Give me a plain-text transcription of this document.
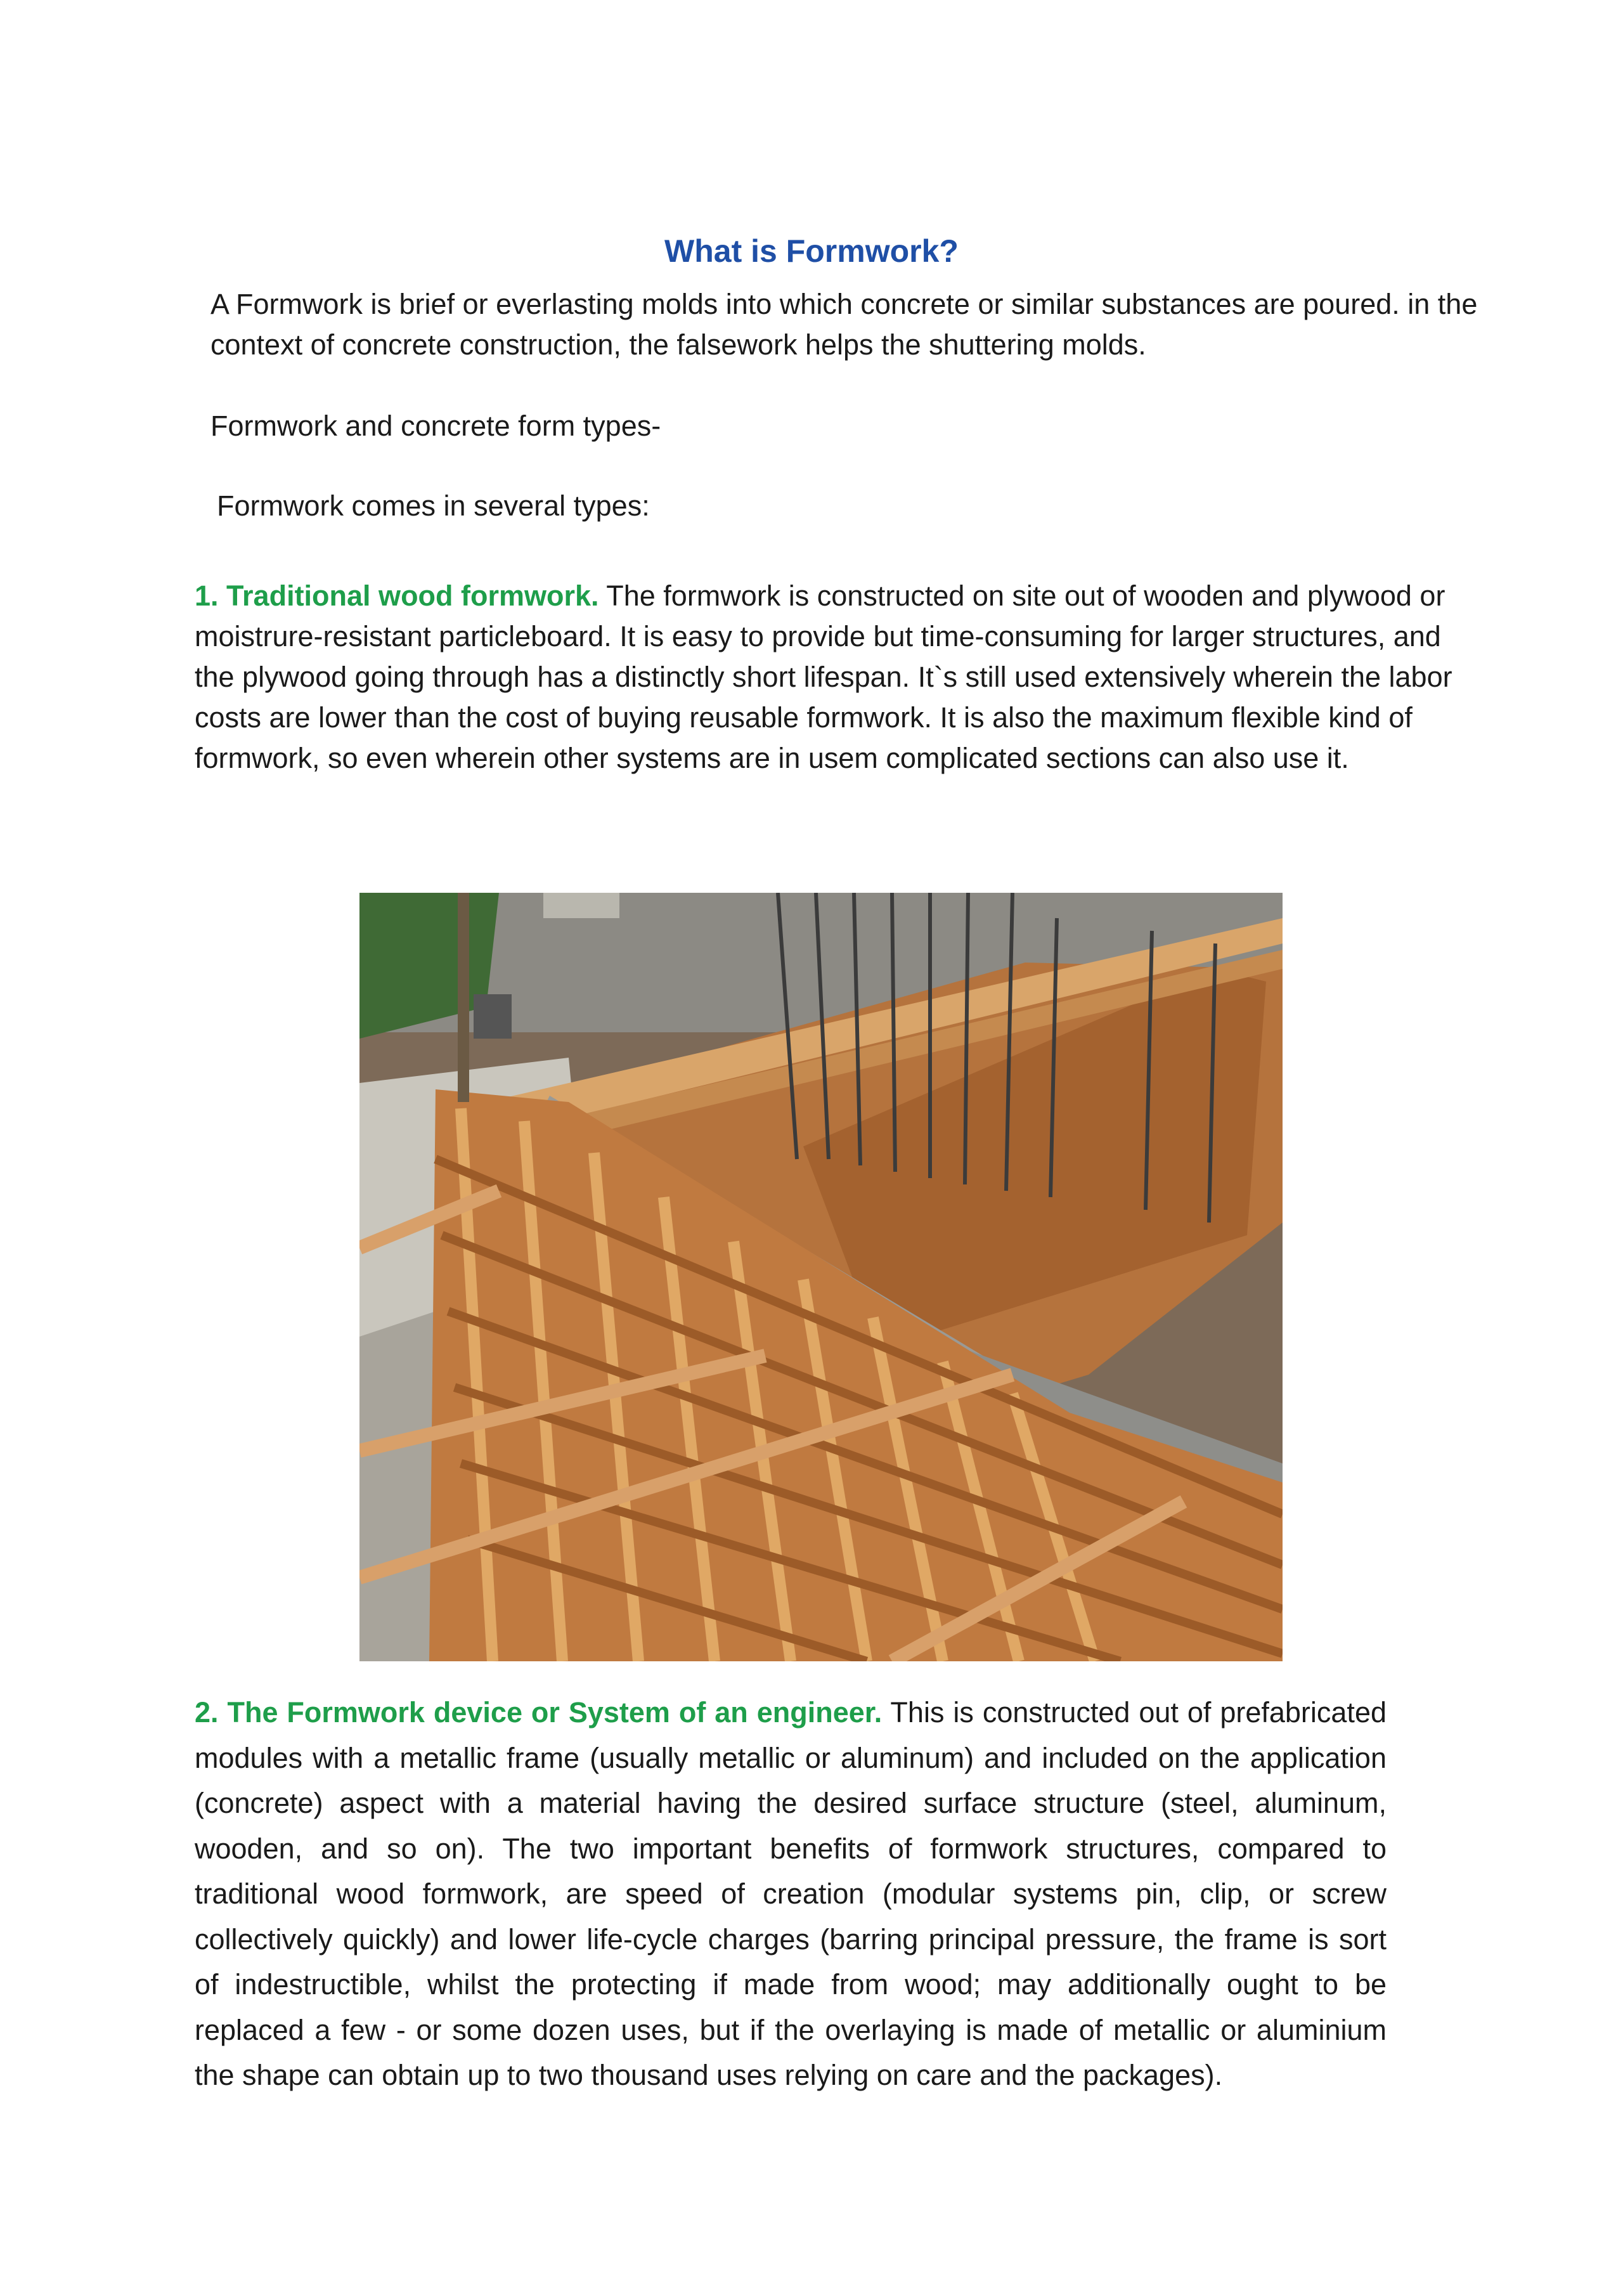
What is Formwork?
A Formwork is brief or everlasting molds into which concrete or similar substances are poured. in the context of concrete construction, the falsework helps the shuttering molds.
Formwork and concrete form types-
Formwork comes in several types:
1. Traditional wood formwork. The formwork is constructed on site out of wooden and plywood or moistrure-resistant particleboard. It is easy to provide but time-consuming for larger structures, and the plywood going through has a distinctly short lifespan. It`s still used extensively wherein the labor costs are lower than the cost of buying reusable formwork. It is also the maximum flexible kind of formwork, so even wherein other systems are in usem complicated sections can also use it.
2. The Formwork device or System of an engineer. This is constructed out of prefabricated modules with a metallic frame (usually metallic or aluminum) and included on the application (concrete) aspect with a material having the desired surface structure (steel, aluminum, wooden, and so on). The two important benefits of formwork structures, compared to traditional wood formwork, are speed of creation (modular systems pin, clip, or screw collectively quickly) and lower life-cycle charges (barring principal pressure, the frame is sort of indestructible, whilst the protecting if made from wood; may additionally ought to be replaced a few - or some dozen uses, but if the overlaying is made of metallic or aluminium the shape can obtain up to two thousand uses relying on care and the packages).
